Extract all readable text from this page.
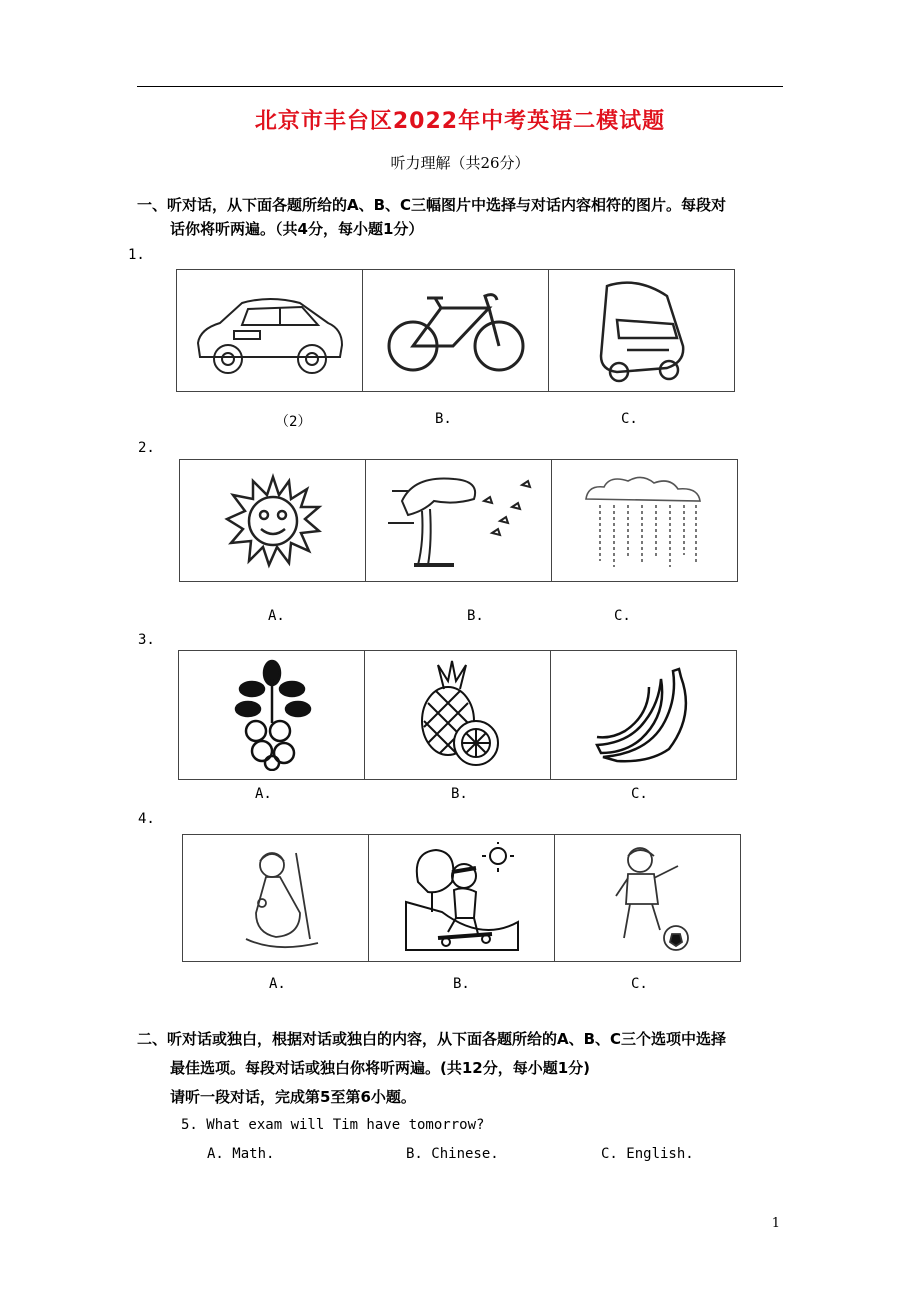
北京市丰台区2022年中考英语二模试题
听力理解（共26分）
一、听对话，从下面各题所给的A、B、C三幅图片中选择与对话内容相符的图片。每段对
话你将听两遍。（共4分，每小题1分）
1.
（2）	B.	C.
2.
A.	B.	C.
3.
A.	B.	C.
4.
A.	B.	C.
二、听对话或独白，根据对话或独白的内容，从下面各题所给的A、B、C三个选项中选择
最佳选项。每段对话或独白你将听两遍。(共12分，每小题1分)
请听一段对话，完成第5至第6小题。
5. What exam will Tim have tomorrow?
A. Math.	B. Chinese.	C. English.
1
